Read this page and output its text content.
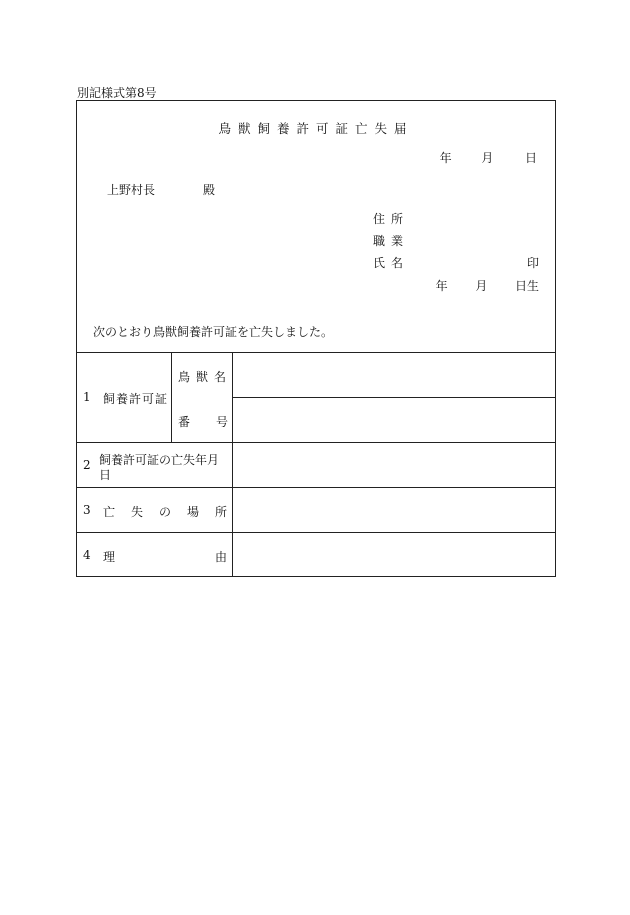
別記様式第8号
鳥獣飼養許可証亡失届
年 月	日
上野村長	殿
住所
職業
氏名	印
年 月 日生
次のとおり鳥獣飼養許可証を亡失しました。
1 飼養許可証
鳥獣名
番号
2 飼養許可証の亡失年月
日
3 亡失の場所
4 理	由
